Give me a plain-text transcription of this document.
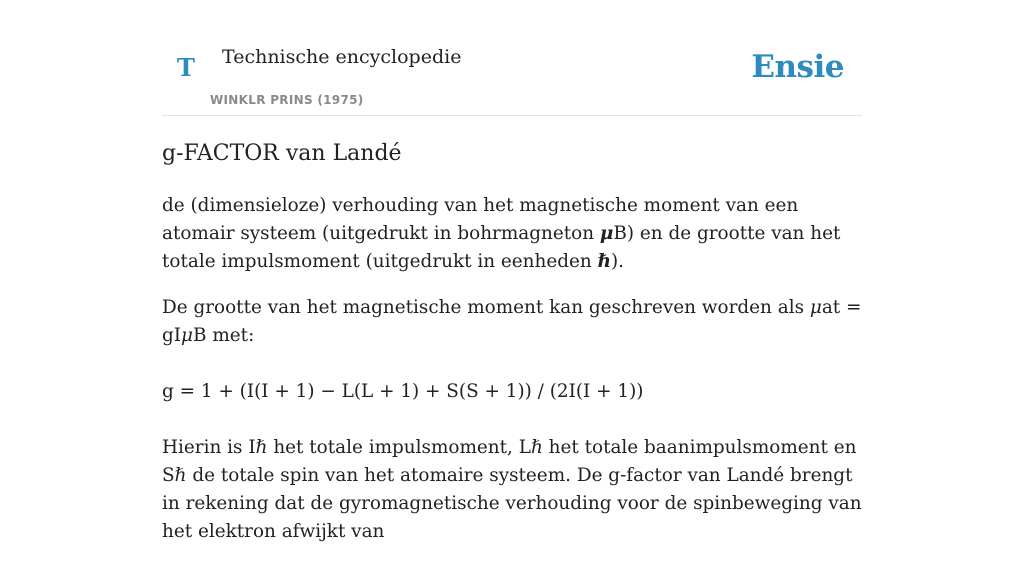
T Technische encyclopedie
WINKLR PRINS (1975)
Ensie
g-FACTOR van Landé

de (dimensieloze) verhouding van het magnetische moment van een atomair systeem (uitgedrukt in bohrmagneton μB) en de grootte van het totale impulsmoment (uitgedrukt in eenheden ℏ).

De grootte van het magnetische moment kan geschreven worden als μat = gIμB met:

g = 1 + (I(I + 1) − L(L + 1) + S(S + 1)) / (2I(I + 1))

Hierin is Iℏ het totale impulsmoment, Lℏ het totale baanimpulsmoment en Sℏ de totale spin van het atomaire systeem. De g-factor van Landé brengt in rekening dat de gyromagnetische verhouding voor de spinbeweging van het elektron afwijkt van
